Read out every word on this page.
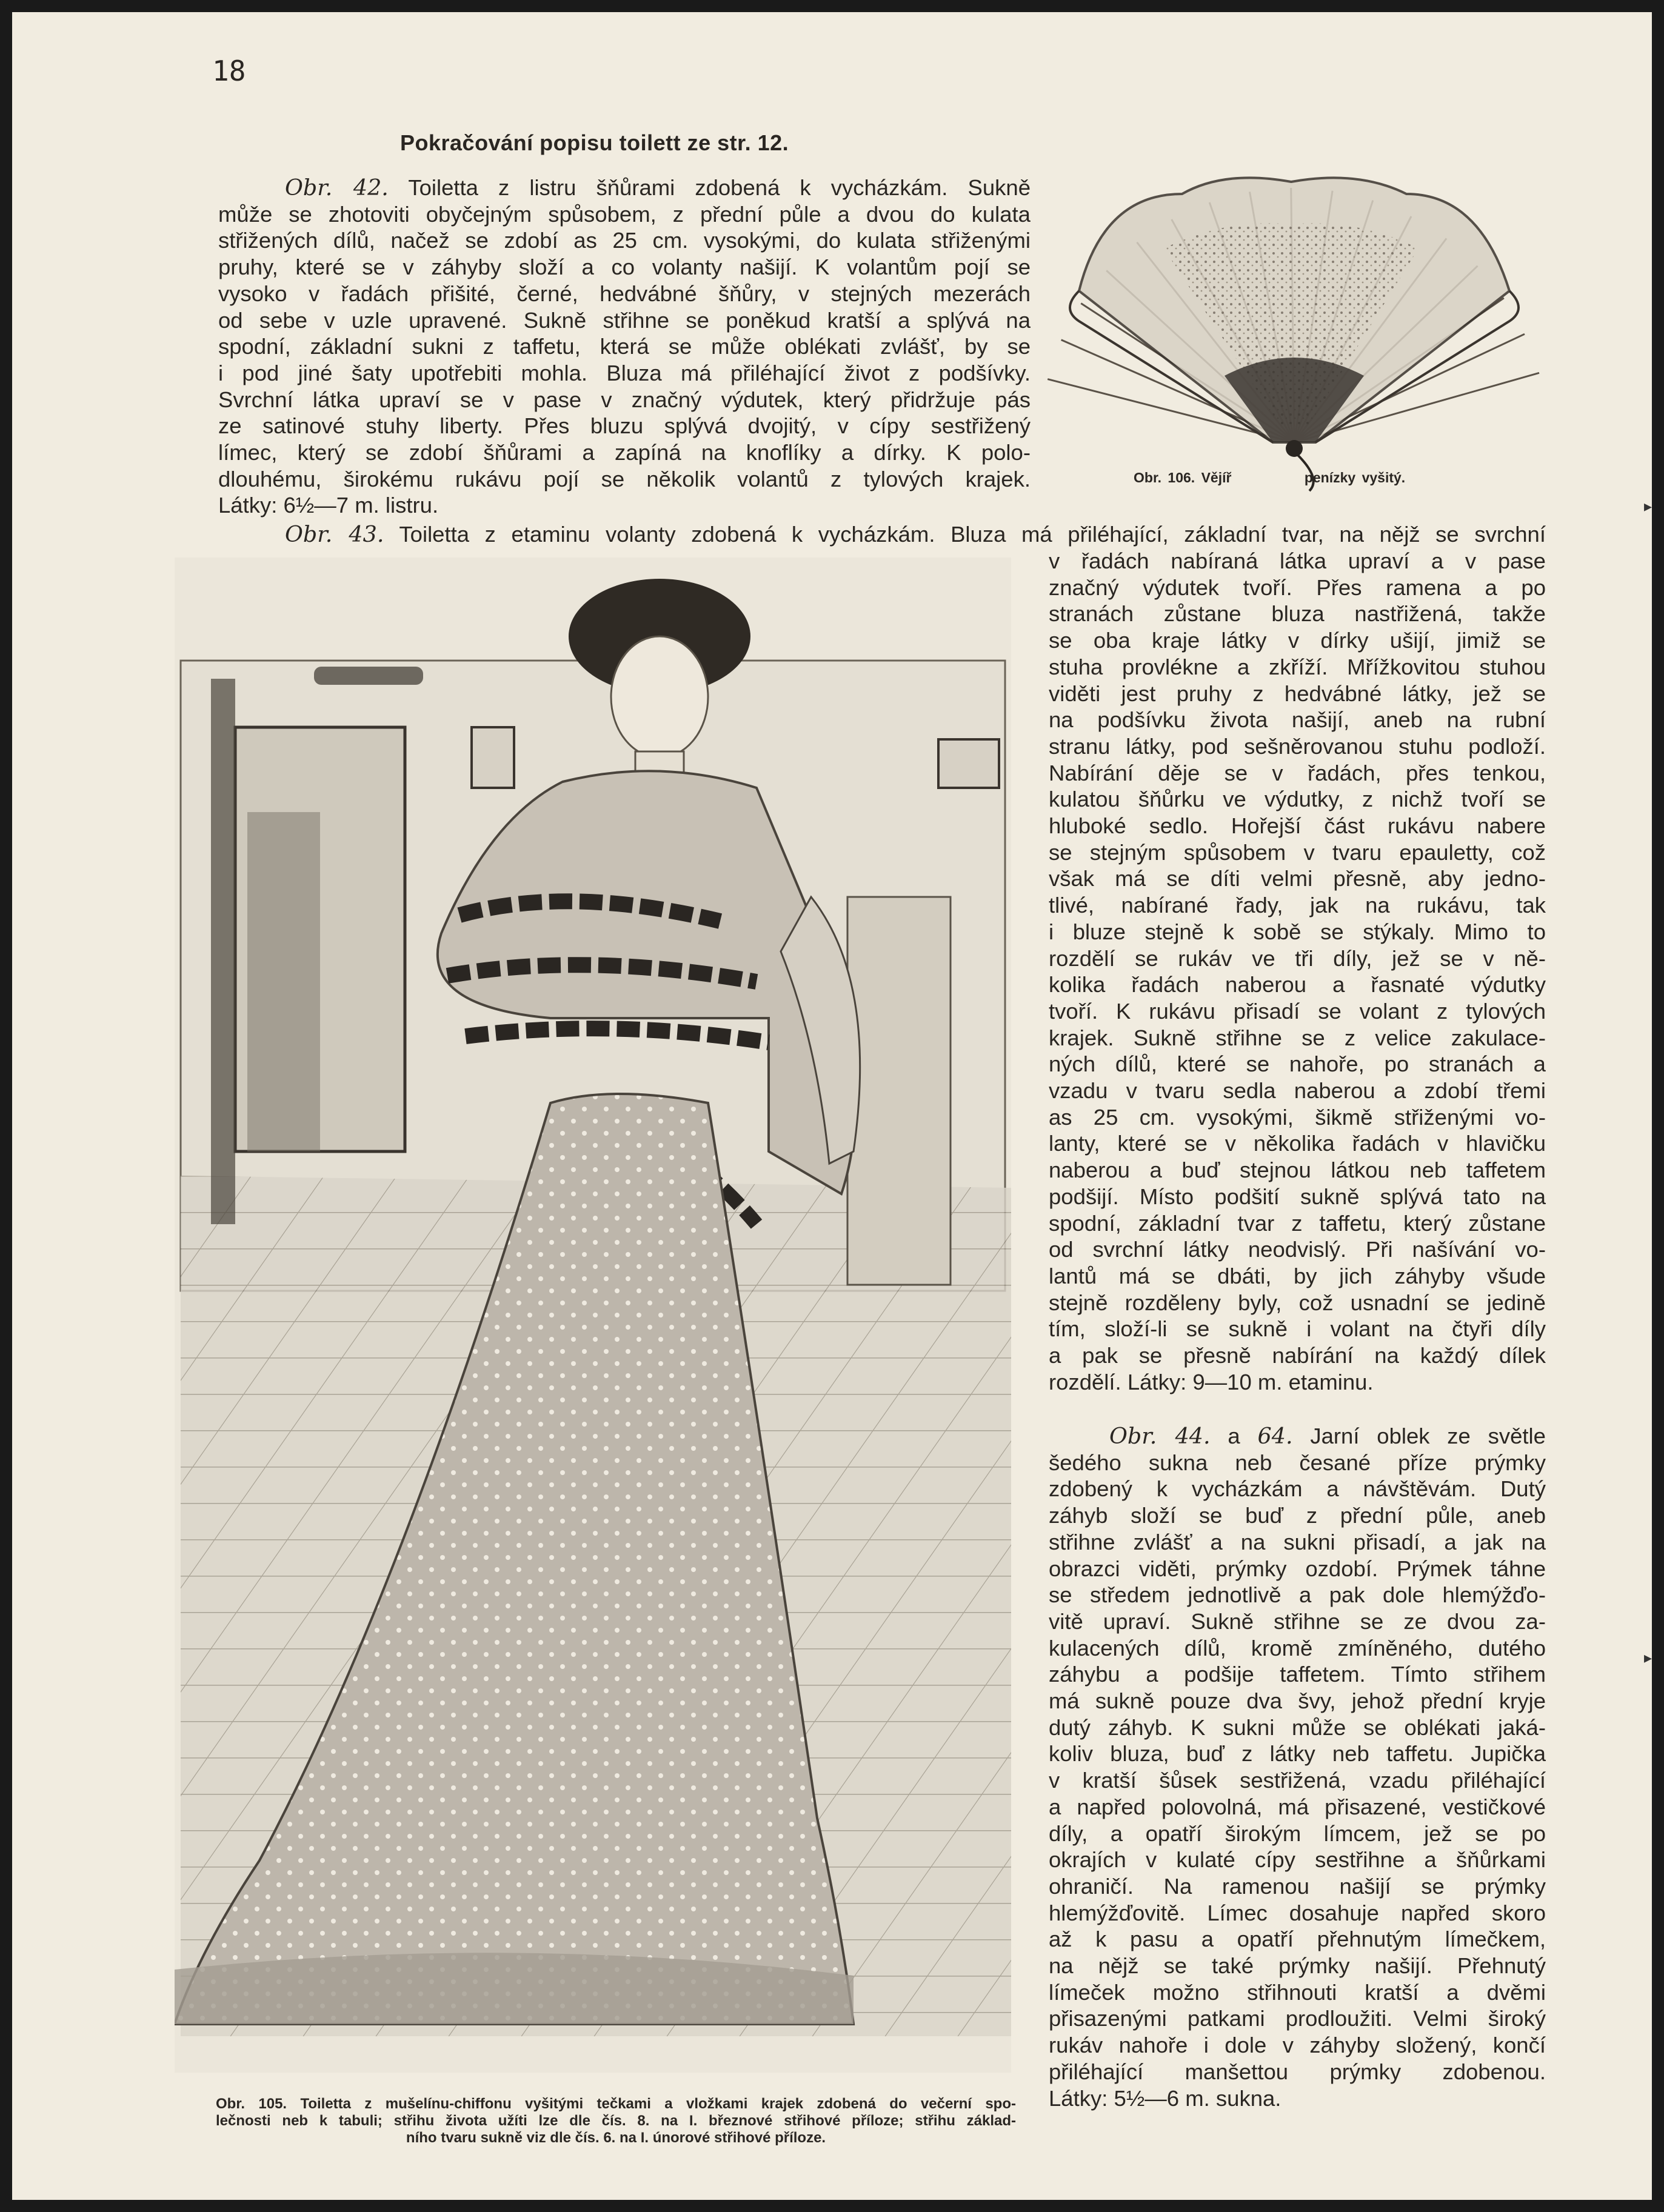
18
Pokračování popisu toilett ze str. 12.
Obr. 42. Toiletta z listru šňůrami zdobená k vycházkám. Sukně
může se zhotoviti obyčejným spůsobem, z přední půle a dvou do kulata
střižených dílů, načež se zdobí as 25 cm. vysokými, do kulata střiženými
pruhy, které se v záhyby složí a co volanty našijí. K volantům pojí se
vysoko v řadách přišité, černé, hedvábné šňůry, v stejných mezerách
od sebe v uzle upravené. Sukně střihne se poněkud kratší a splývá na
spodní, základní sukni z taffetu, která se může oblékati zvlášť, by se
i pod jiné šaty upotřebiti mohla. Bluza má přiléhající život z podšívky.
Svrchní látka upraví se v pase v značný výdutek, který přidržuje pás
ze satinové stuhy liberty. Přes bluzu splývá dvojitý, v cípy sestřižený
límec, který se zdobí šňůrami a zapíná na knoflíky a dírky. K polo-
dlouhému, širokému rukávu pojí se několik volantů z tylových krajek.
Látky: 6½—7 m. listru.
Obr. 106. Vějíř	penízky vyšitý.
Obr. 43. Toiletta z etaminu volanty zdobená k vycházkám. Bluza má přiléhající, základní tvar, na nějž se svrchní
v řadách nabíraná látka upraví a v pase
značný výdutek tvoří. Přes ramena a po
stranách zůstane bluza nastřižená, takže
se oba kraje látky v dírky ušijí, jimiž se
stuha provlékne a zkříží. Mřížkovitou stuhou
viděti jest pruhy z hedvábné látky, jež se
na podšívku života našijí, aneb na rubní
stranu látky, pod sešněrovanou stuhu podloží.
Nabírání děje se v řadách, přes tenkou,
kulatou šňůrku ve výdutky, z nichž tvoří se
hluboké sedlo. Hořejší část rukávu nabere
se stejným spůsobem v tvaru epauletty, což
však má se díti velmi přesně, aby jedno-
tlivé, nabírané řady, jak na rukávu, tak
i bluze stejně k sobě se stýkaly. Mimo to
rozdělí se rukáv ve tři díly, jež se v ně-
kolika řadách naberou a řasnaté výdutky
tvoří. K rukávu přisadí se volant z tylových
krajek. Sukně střihne se z velice zakulace-
ných dílů, které se nahoře, po stranách a
vzadu v tvaru sedla naberou a zdobí třemi
as 25 cm. vysokými, šikmě střiženými vo-
lanty, které se v několika řadách v hlavičku
naberou a buď stejnou látkou neb taffetem
podšijí. Místo podšití sukně splývá tato na
spodní, základní tvar z taffetu, který zůstane
od svrchní látky neodvislý. Při našívání vo-
lantů má se dbáti, by jich záhyby všude
stejně rozděleny byly, což usnadní se jedině
tím, složí-li se sukně i volant na čtyři díly
a pak se přesně nabírání na každý dílek
rozdělí. Látky: 9—10 m. etaminu.
Obr. 44. a 64. Jarní oblek ze světle
šedého sukna neb česané příze prýmky
zdobený k vycházkám a návštěvám. Dutý
záhyb složí se buď z přední půle, aneb
střihne zvlášť a na sukni přisadí, a jak na
obrazci viděti, prýmky ozdobí. Prýmek táhne
se středem jednotlivě a pak dole hlemýžďo-
vitě upraví. Sukně střihne se ze dvou za-
kulacených dílů, kromě zmíněného, dutého
záhybu a podšije taffetem. Tímto střihem
má sukně pouze dva švy, jehož přední kryje
dutý záhyb. K sukni může se oblékati jaká-
koliv bluza, buď z látky neb taffetu. Jupička
v kratší šůsek sestřižená, vzadu přiléhající
a napřed polovolná, má přisazené, vestičkové
díly, a opatří širokým límcem, jež se po
okrajích v kulaté cípy sestřihne a šňůrkami
ohraničí. Na ramenou našijí se prýmky
hlemýžďovitě. Límec dosahuje napřed skoro
až k pasu a opatří přehnutým límečkem,
na nějž se také prýmky našijí. Přehnutý
límeček možno střihnouti kratší a dvěmi
přisazenými patkami prodloužiti. Velmi široký
rukáv nahoře i dole v záhyby složený, končí
přiléhající manšettou prýmky zdobenou.
Látky: 5½—6 m. sukna.
Obr. 105. Toiletta z mušelínu-chiffonu vyšitými tečkami a vložkami krajek zdobená do večerní spo-
lečnosti neb k tabuli; střihu života užíti lze dle čís. 8. na I. březnové střihové příloze; střihu základ-
ního tvaru sukně viz dle čís. 6. na I. únorové střihové příloze.
▸
▸
